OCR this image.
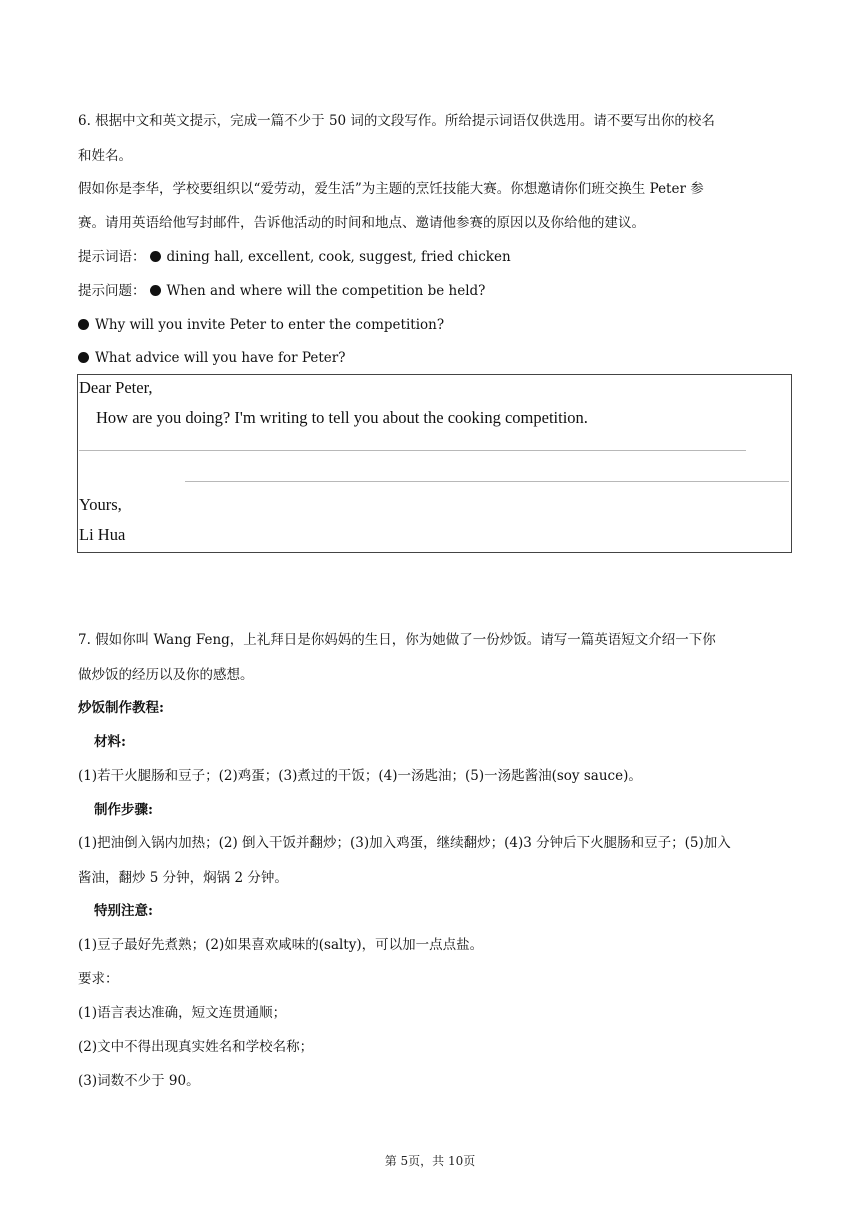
6. 根据中文和英文提示，完成一篇不少于 50 词的文段写作。所给提示词语仅供选用。请不要写出你的校名
和姓名。
假如你是李华，学校要组织以“爱劳动，爱生活”为主题的烹饪技能大赛。你想邀请你们班交换生 Peter 参
赛。请用英语给他写封邮件，告诉他活动的时间和地点、邀请他参赛的原因以及你给他的建议。
提示词语： dining hall, excellent, cook, suggest, fried chicken
提示问题： When and where will the competition be held?
Why will you invite Peter to enter the competition?
What advice will you have for Peter?
Dear Peter,
How are you doing? I'm writing to tell you about the cooking competition.
Yours,
Li Hua
7. 假如你叫 Wang Feng，上礼拜日是你妈妈的生日，你为她做了一份炒饭。请写一篇英语短文介绍一下你
做炒饭的经历以及你的感想。
炒饭制作教程:
材料:
(1)若干火腿肠和豆子；(2)鸡蛋；(3)煮过的干饭；(4)一汤匙油；(5)一汤匙酱油(soy sauce)。
制作步骤:
(1)把油倒入锅内加热；(2) 倒入干饭并翻炒；(3)加入鸡蛋，继续翻炒；(4)3 分钟后下火腿肠和豆子；(5)加入
酱油，翻炒 5 分钟，焖锅 2 分钟。
特别注意:
(1)豆子最好先煮熟；(2)如果喜欢咸味的(salty)，可以加一点点盐。
要求：
(1)语言表达准确，短文连贯通顺；
(2)文中不得出现真实姓名和学校名称；
(3)词数不少于 90。
第 5页，共 10页
